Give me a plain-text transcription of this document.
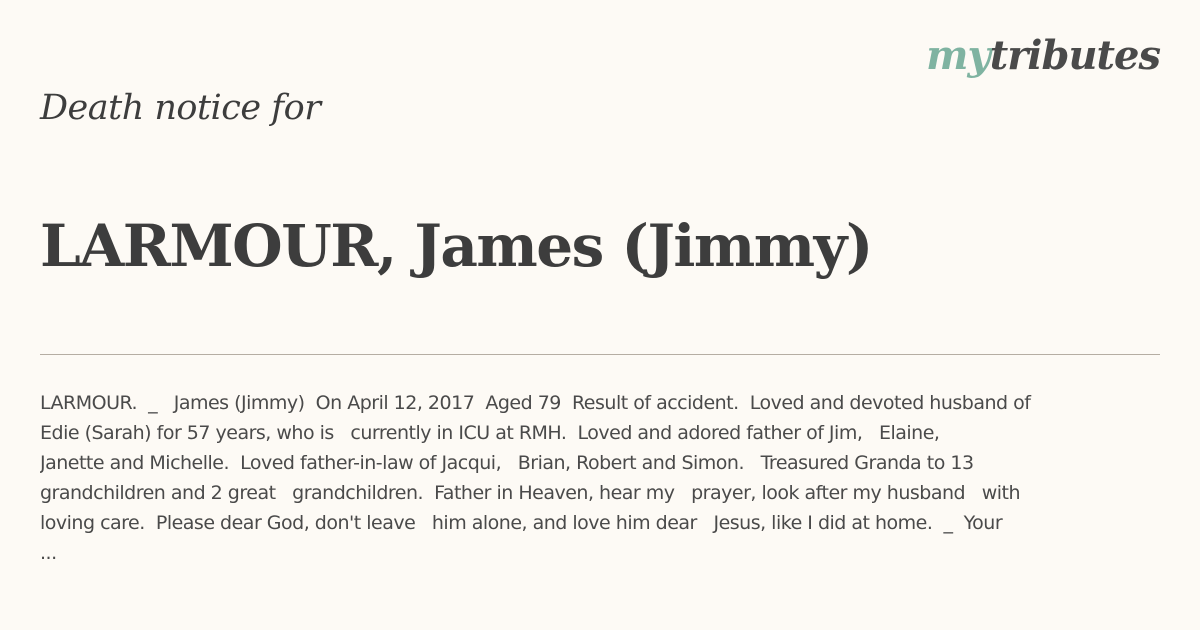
mytributes
Death notice for
LARMOUR, James (Jimmy)
LARMOUR.  _   James (Jimmy)  On April 12, 2017  Aged 79  Result of accident.  Loved and devoted husband of
Edie (Sarah) for 57 years, who is   currently in ICU at RMH.  Loved and adored father of Jim,   Elaine,
Janette and Michelle.  Loved father-in-law of Jacqui,   Brian, Robert and Simon.   Treasured Granda to 13
grandchildren and 2 great   grandchildren.  Father in Heaven, hear my   prayer, look after my husband   with
loving care.  Please dear God, don't leave   him alone, and love him dear   Jesus, like I did at home.  _  Your
...
